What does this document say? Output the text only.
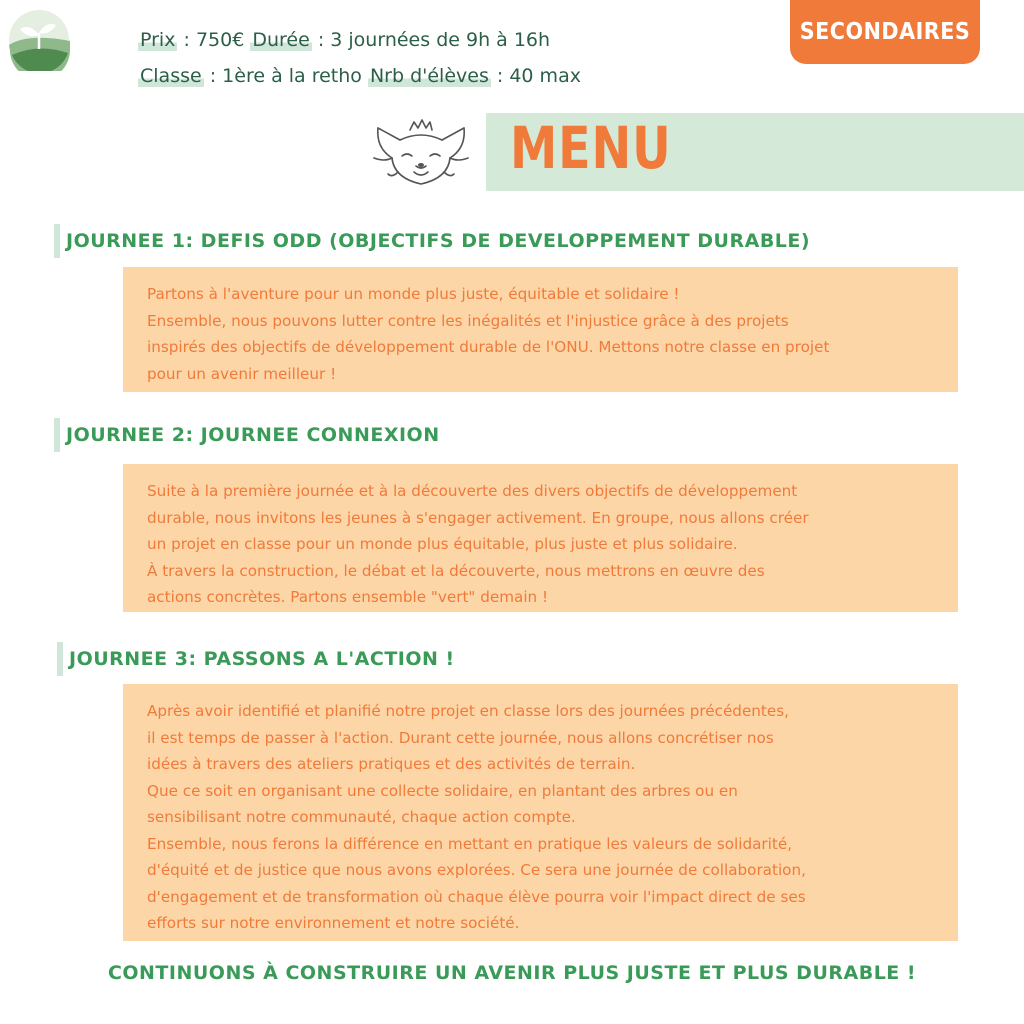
Prix : 750€ Durée : 3 journées de 9h à 16h
Classe : 1ère à la retho Nrb d'élèves : 40 max
SECONDAIRES
MENU
JOURNEE 1: DEFIS ODD (OBJECTIFS DE DEVELOPPEMENT DURABLE)

Partons à l'aventure pour un monde plus juste, équitable et solidaire !

Ensemble, nous pouvons lutter contre les inégalités et l'injustice grâce à des projets

inspirés des objectifs de développement durable de l'ONU. Mettons notre classe en projet

pour un avenir meilleur !

JOURNEE 2: JOURNEE CONNEXION

Suite à la première journée et à la découverte des divers objectifs de développement

durable, nous invitons les jeunes à s'engager activement. En groupe, nous allons créer

un projet en classe pour un monde plus équitable, plus juste et plus solidaire.

À travers la construction, le débat et la découverte, nous mettrons en œuvre des

actions concrètes. Partons ensemble "vert" demain !

JOURNEE 3: PASSONS A L'ACTION !

Après avoir identifié et planifié notre projet en classe lors des journées précédentes,

il est temps de passer à l'action. Durant cette journée, nous allons concrétiser nos

idées à travers des ateliers pratiques et des activités de terrain.

Que ce soit en organisant une collecte solidaire, en plantant des arbres ou en

sensibilisant notre communauté, chaque action compte.

Ensemble, nous ferons la différence en mettant en pratique les valeurs de solidarité,

d'équité et de justice que nous avons explorées. Ce sera une journée de collaboration,

d'engagement et de transformation où chaque élève pourra voir l'impact direct de ses

efforts sur notre environnement et notre société.

CONTINUONS À CONSTRUIRE UN AVENIR PLUS JUSTE ET PLUS DURABLE !
